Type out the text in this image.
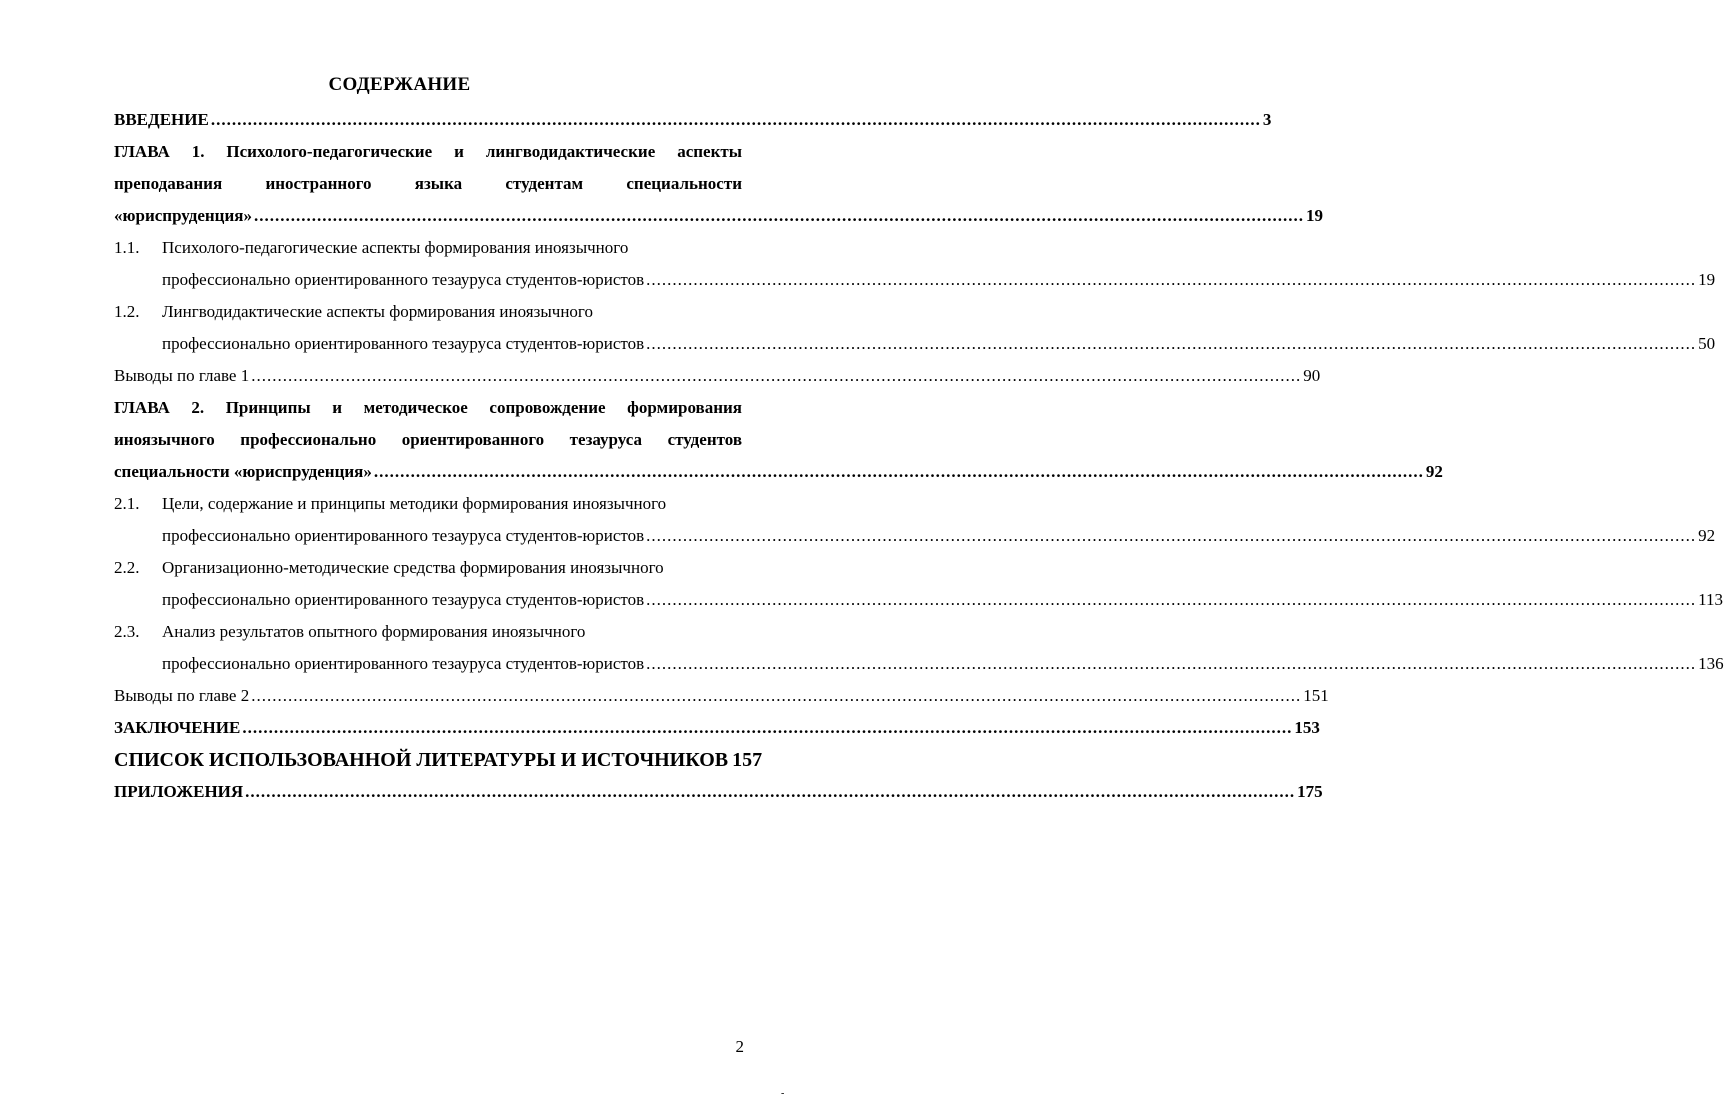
СОДЕРЖАНИЕ
ВВЕДЕНИЕ .....	3
ГЛАВА 1. Психолого-педагогические и лингводидактические аспекты
преподавания иностранного языка студентам специальности
«юриспруденция» .....	19
1.1. Психолого-педагогические аспекты формирования иноязычного
профессионально ориентированного тезауруса студентов-юристов .....	19
1.2. Лингводидактические аспекты формирования иноязычного
профессионально ориентированного тезауруса студентов-юристов .....	50
Выводы по главе 1 .....	90
ГЛАВА 2. Принципы и методическое сопровождение формирования
иноязычного профессионально ориентированного тезауруса студентов
специальности «юриспруденция» .....	92
2.1. Цели, содержание и принципы методики формирования иноязычного
профессионально ориентированного тезауруса студентов-юристов .....	92
2.2. Организационно-методические средства формирования иноязычного
профессионально ориентированного тезауруса студентов-юристов .....	113
2.3. Анализ результатов опытного формирования иноязычного
профессионально ориентированного тезауруса студентов-юристов .....	136
Выводы по главе 2 .....	151
ЗАКЛЮЧЕНИЕ .....	153
СПИСОК ИСПОЛЬЗОВАННОЙ ЛИТЕРАТУРЫ И ИСТОЧНИКОВ 157
ПРИЛОЖЕНИЯ .....	175
2
-
